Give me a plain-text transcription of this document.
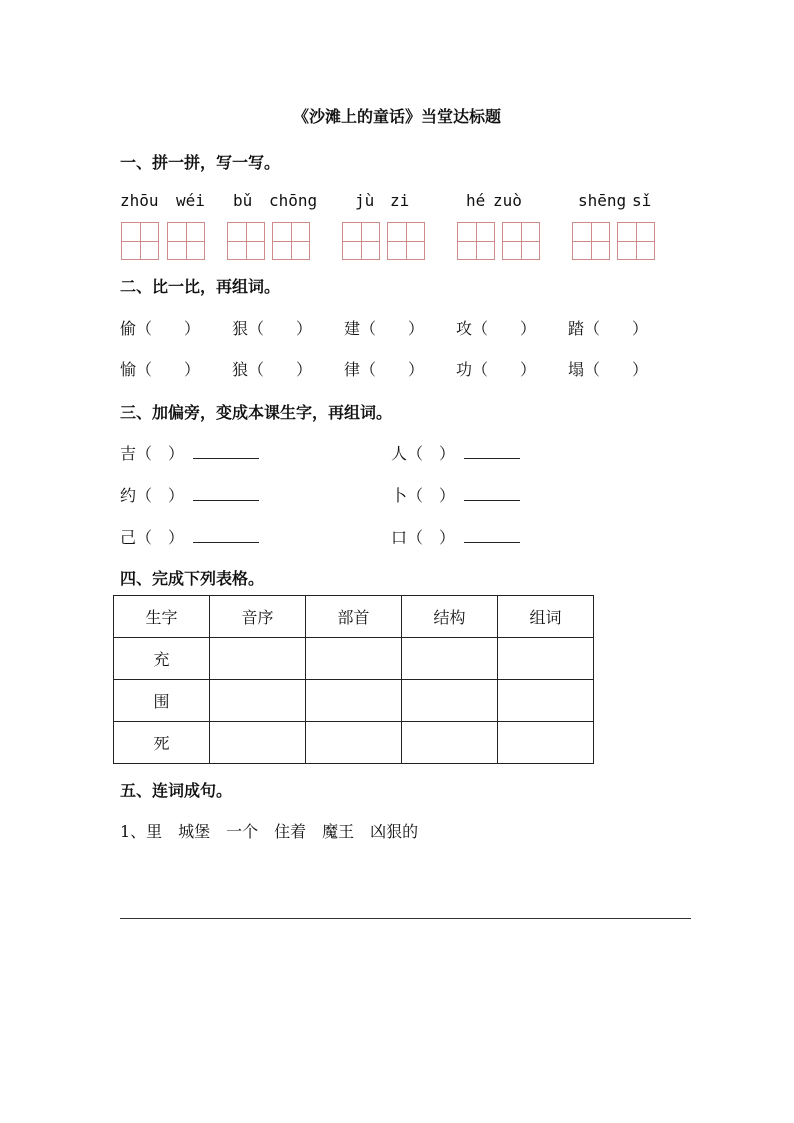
《沙滩上的童话》当堂达标题
一、拼一拼，写一写。
zhōu wéi bǔ chōng jù zi	hé zuò	shēng sǐ
二、比一比，再组词。
偷（　　） 狠（　　） 建（　　） 攻（　　） 踏（　　）
愉（　　） 狼（　　） 律（　　） 功（　　） 塌（　　）
三、加偏旁，变成本课生字，再组词。
吉（　）	人（　）
约（　）	卜（　）
己（　）	口（　）
四、完成下列表格。
生字	音序	部首	结构	组词
充				
围				
死				
五、连词成句。
1、里　城堡　一个　住着　魔王　凶狠的
